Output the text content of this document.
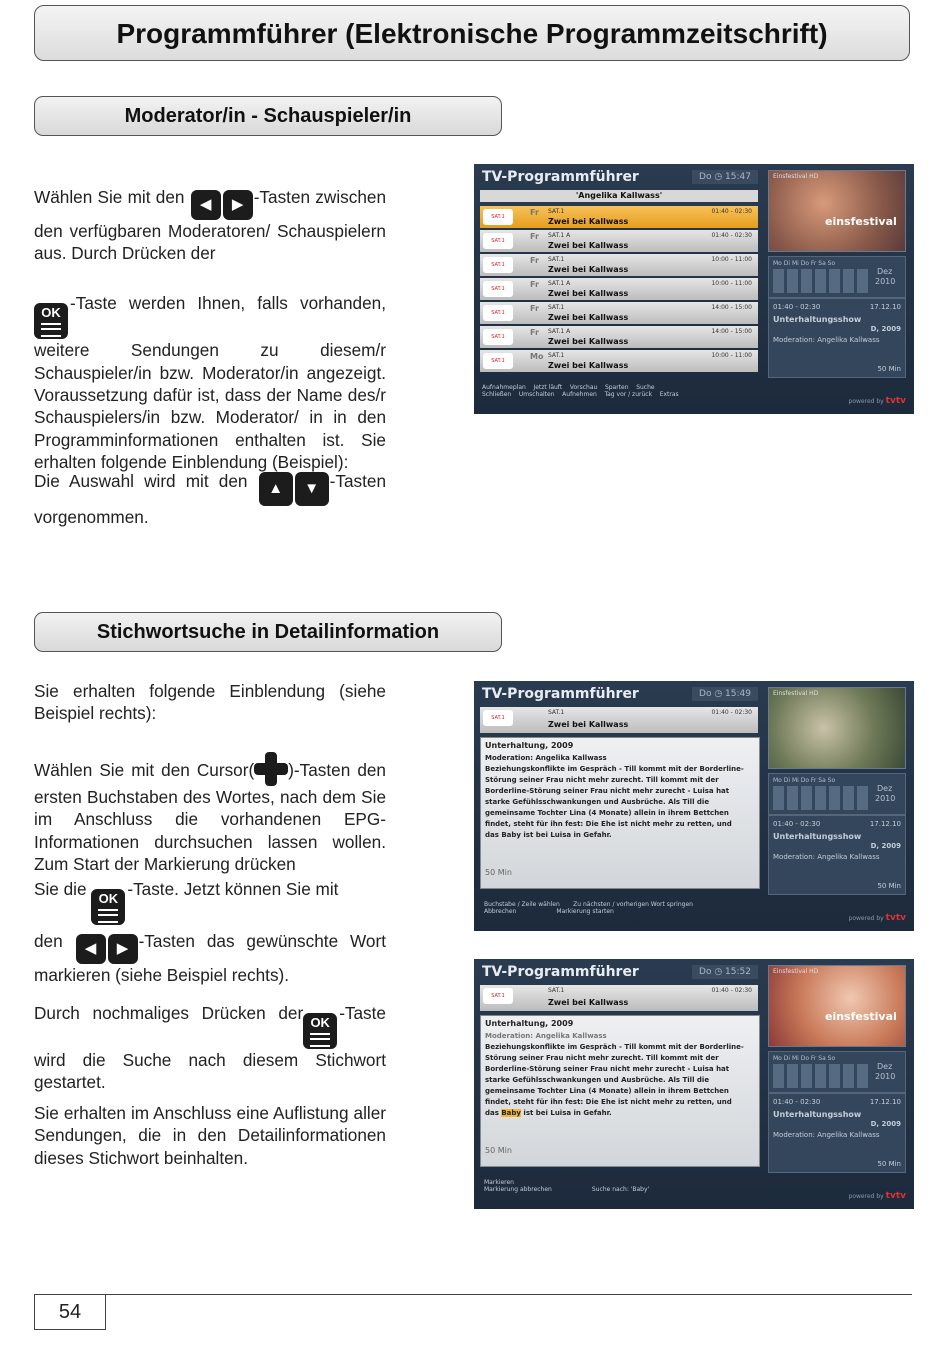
Programmführer (Elektronische Programmzeitschrift)
Moderator/in - Schauspieler/in
Wählen Sie mit den ◀ ▶ -Tasten zwischen den verfügbaren Moderatoren/ Schauspielern aus. Durch Drücken der

OK -Taste werden Ihnen, falls vorhanden, weitere Sendungen zu diesem/r Schauspieler/in bzw. Moderator/in angezeigt. Voraussetzung dafür ist, dass der Name des/r Schauspielers/in bzw. Moderator/ in in den Programminformationen enthalten ist. Sie erhalten folgende Einblendung (Beispiel):
Die Auswahl wird mit den ▲ ▼ -Tasten vorgenommen.
TV-Programmführer	Do ◷ 15:47	Einsfestival HD
einsfestival
'Angelika Kallwass'
Mo Di Mi Do Fr Sa So
Dez
2010
01:40 - 02:30	17.12.10
Unterhaltungsshow
D, 2009
Moderation: Angelika Kallwass
50 Min
SAT.1	Fr SAT.1	01:40 - 02:30
Zwei bei Kallwass
SAT.1	Fr SAT.1 A	01:40 - 02:30
Zwei bei Kallwass
SAT.1	Fr SAT.1	10:00 - 11:00
Zwei bei Kallwass
SAT.1	Fr SAT.1 A	10:00 - 11:00
Zwei bei Kallwass
SAT.1	Fr SAT.1	14:00 - 15:00
Zwei bei Kallwass
SAT.1	Fr SAT.1 A	14:00 - 15:00
Zwei bei Kallwass
SAT.1	Mo SAT.1	10:00 - 11:00
Zwei bei Kallwass
Aufnahmeplan Jetzt läuft Vorschau Sparten Suche
Schließen Umschalten Aufnehmen Tag vor / zurück Extras
powered by tvtv
Stichwortsuche in Detailinformation
Sie erhalten folgende Einblendung (siehe Beispiel rechts):
Wählen Sie mit den Cursor( )-Tasten den ersten Buchstaben des Wortes, nach dem Sie im Anschluss die vorhandenen EPG-Informationen durchsuchen lassen wollen. Zum Start der Markierung drücken
Sie die OK -Taste. Jetzt können Sie mit
den ◀ ▶ -Tasten das gewünschte Wort markieren (siehe Beispiel rechts).
Durch nochmaliges Drücken der OK -Taste wird die Suche nach diesem Stichwort gestartet.
Sie erhalten im Anschluss eine Auflistung aller Sendungen, die in den Detailinformationen dieses Stichwort beinhalten.
TV-Programmführer	Do ◷ 15:49	Einsfestival HD
SAT.1
SAT.1	01:40 - 02:30
Zwei bei Kallwass
Unterhaltung, 2009
Moderation: Angelika Kallwass
Beziehungskonflikte im Gespräch - Till kommt mit der Borderline-Störung seiner Frau nicht mehr zurecht. Till kommt mit der Borderline-Störung seiner Frau nicht mehr zurecht - Luisa hat starke Gefühlsschwankungen und Ausbrüche. Als Till die gemeinsame Tochter Lina (4 Monate) allein in ihrem Bettchen findet, steht für ihn fest: Die Ehe ist nicht mehr zu retten, und das Baby ist bei Luisa in Gefahr.
50 Min
Mo Di Mi Do Fr Sa So
Dez
2010
01:40 - 02:30	17.12.10
Unterhaltungsshow
D, 2009
Moderation: Angelika Kallwass
50 Min
Buchstabe / Zeile wählen Zu nächsten / vorherigen Wort springen
Abbrechen	Markierung starten
powered by tvtv
TV-Programmführer	Do ◷ 15:52	Einsfestival HD
einsfestival
SAT.1
SAT.1	01:40 - 02:30
Zwei bei Kallwass
Unterhaltung, 2009
Moderation: Angelika Kallwass
Beziehungskonflikte im Gespräch - Till kommt mit der Borderline-Störung seiner Frau nicht mehr zurecht. Till kommt mit der Borderline-Störung seiner Frau nicht mehr zurecht - Luisa hat starke Gefühlsschwankungen und Ausbrüche. Als Till die gemeinsame Tochter Lina (4 Monate) allein in ihrem Bettchen findet, steht für ihn fest: Die Ehe ist nicht mehr zu retten, und das Baby ist bei Luisa in Gefahr.
50 Min
Mo Di Mi Do Fr Sa So
Dez
2010
01:40 - 02:30	17.12.10
Unterhaltungsshow
D, 2009
Moderation: Angelika Kallwass
50 Min
Markieren
Markierung abbrechen	Suche nach: 'Baby'
powered by tvtv
54
